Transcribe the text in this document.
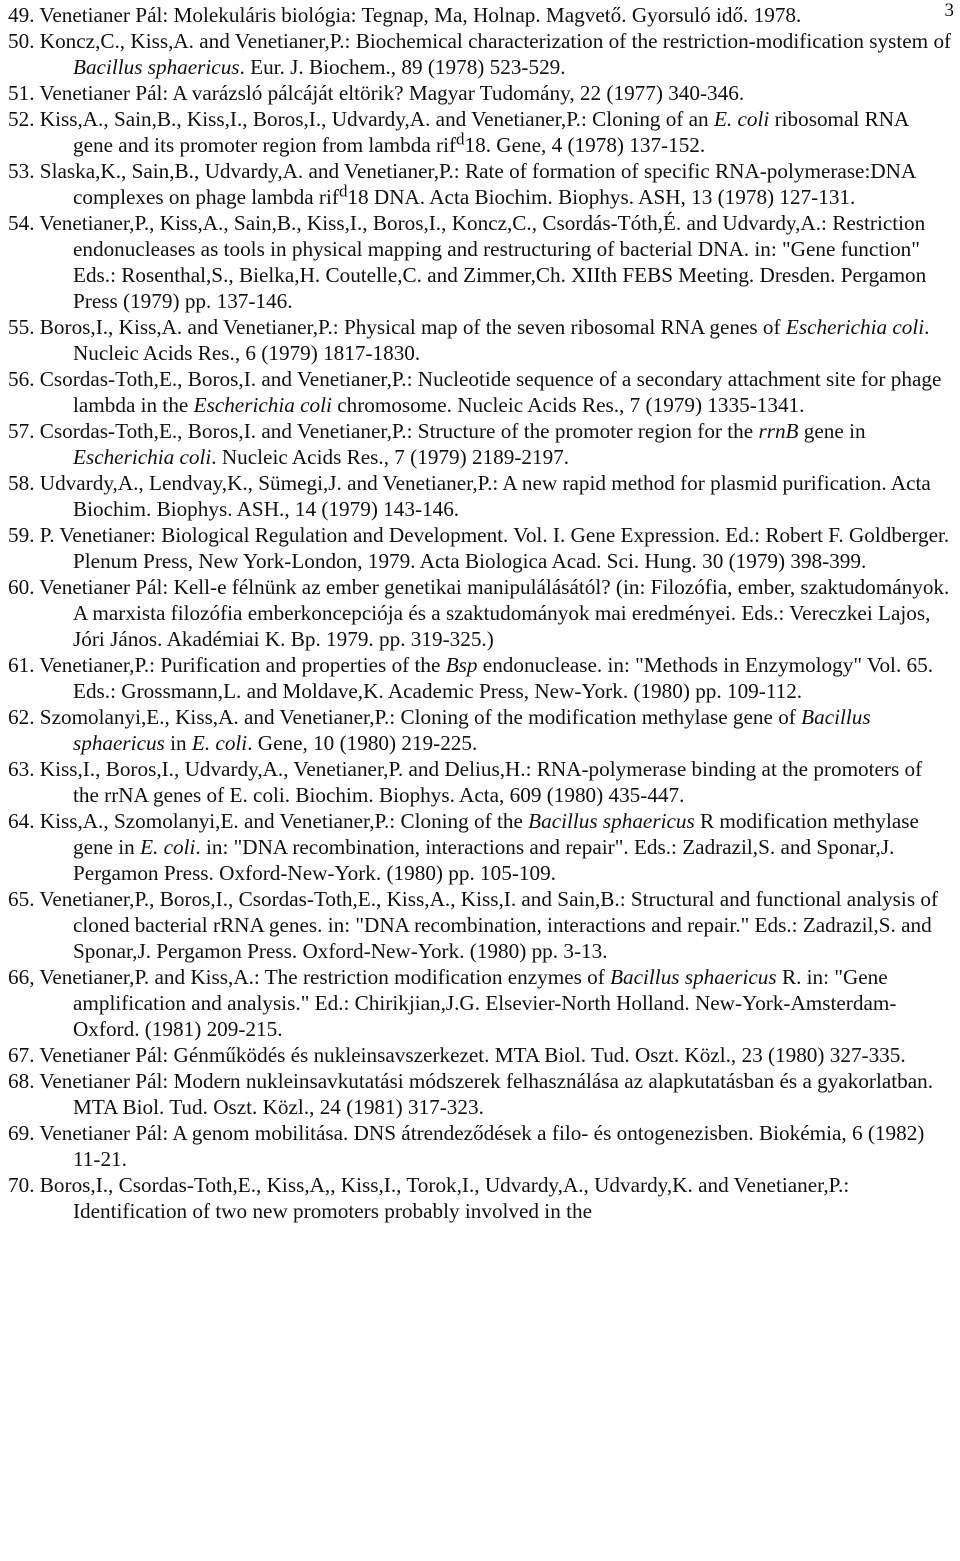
3

49. Venetianer Pál: Molekuláris biológia: Tegnap, Ma, Holnap. Magvető. Gyorsuló idő. 1978.

50. Koncz,C., Kiss,A. and Venetianer,P.: Biochemical characterization of the restriction-modification system of Bacillus sphaericus. Eur. J. Biochem., 89 (1978) 523-529.

51. Venetianer Pál: A varázsló pálcáját eltörik? Magyar Tudomány, 22 (1977) 340-346.

52. Kiss,A., Sain,B., Kiss,I., Boros,I., Udvardy,A. and Venetianer,P.: Cloning of an E. coli ribosomal RNA gene and its promoter region from lambda rif$^d$18. Gene, 4 (1978) 137-152.

53. Slaska,K., Sain,B., Udvardy,A. and Venetianer,P.: Rate of formation of specific RNA-polymerase:DNA complexes on phage lambda rif$^d$18 DNA. Acta Biochim. Biophys. ASH, 13 (1978) 127-131.

54. Venetianer,P., Kiss,A., Sain,B., Kiss,I., Boros,I., Koncz,C., Csordás-Tóth,É. and Udvardy,A.: Restriction endonucleases as tools in physical mapping and restructuring of bacterial DNA. in: "Gene function" Eds.: Rosenthal,S., Bielka,H. Coutelle,C. and Zimmer,Ch. XIIth FEBS Meeting. Dresden. Pergamon Press (1979) pp. 137-146.

55. Boros,I., Kiss,A. and Venetianer,P.: Physical map of the seven ribosomal RNA genes of Escherichia coli. Nucleic Acids Res., 6 (1979) 1817-1830.

56. Csordas-Toth,E., Boros,I. and Venetianer,P.: Nucleotide sequence of a secondary attachment site for phage lambda in the Escherichia coli chromosome. Nucleic Acids Res., 7 (1979) 1335-1341.

57. Csordas-Toth,E., Boros,I. and Venetianer,P.: Structure of the promoter region for the rrnB gene in Escherichia coli. Nucleic Acids Res., 7 (1979) 2189-2197.

58. Udvardy,A., Lendvay,K., Sümegi,J. and Venetianer,P.: A new rapid method for plasmid purification. Acta Biochim. Biophys. ASH., 14 (1979) 143-146.

59. P. Venetianer: Biological Regulation and Development. Vol. I. Gene Expression. Ed.: Robert F. Goldberger. Plenum Press, New York-London, 1979. Acta Biologica Acad. Sci. Hung. 30 (1979) 398-399.

60. Venetianer Pál: Kell-e félnünk az ember genetikai manipulálásától? (in: Filozófia, ember, szaktudományok. A marxista filozófia emberkoncepciója és a szaktudományok mai eredményei. Eds.: Vereczkei Lajos, Jóri János. Akadémiai K. Bp. 1979. pp. 319-325.)

61. Venetianer,P.: Purification and properties of the Bsp endonuclease. in: "Methods in Enzymology" Vol. 65. Eds.: Grossmann,L. and Moldave,K. Academic Press, New-York. (1980) pp. 109-112.

62. Szomolanyi,E., Kiss,A. and Venetianer,P.: Cloning of the modification methylase gene of Bacillus sphaericus in E. coli. Gene, 10 (1980) 219-225.

63. Kiss,I., Boros,I., Udvardy,A., Venetianer,P. and Delius,H.: RNA-polymerase binding at the promoters of the rrNA genes of E. coli. Biochim. Biophys. Acta, 609 (1980) 435-447.

64. Kiss,A., Szomolanyi,E. and Venetianer,P.: Cloning of the Bacillus sphaericus R modification methylase gene in E. coli. in: "DNA recombination, interactions and repair". Eds.: Zadrazil,S. and Sponar,J. Pergamon Press. Oxford-New-York. (1980) pp. 105-109.

65. Venetianer,P., Boros,I., Csordas-Toth,E., Kiss,A., Kiss,I. and Sain,B.: Structural and functional analysis of cloned bacterial rRNA genes. in: "DNA recombination, interactions and repair." Eds.: Zadrazil,S. and Sponar,J. Pergamon Press. Oxford-New-York. (1980) pp. 3-13.

66, Venetianer,P. and Kiss,A.: The restriction modification enzymes of Bacillus sphaericus R. in: "Gene amplification and analysis." Ed.: Chirikjian,J.G. Elsevier-North Holland. New-York-Amsterdam-Oxford. (1981) 209-215.

67. Venetianer Pál: Génműködés és nukleinsavszerkezet. MTA Biol. Tud. Oszt. Közl., 23 (1980) 327-335.

68. Venetianer Pál: Modern nukleinsavkutatási módszerek felhasználása az alapkutatásban és a gyakorlatban. MTA Biol. Tud. Oszt. Közl., 24 (1981) 317-323.

69. Venetianer Pál: A genom mobilitása. DNS átrendeződések a filo- és ontogenezisben. Biokémia, 6 (1982) 11-21.

70. Boros,I., Csordas-Toth,E., Kiss,A,, Kiss,I., Torok,I., Udvardy,A., Udvardy,K. and Venetianer,P.: Identification of two new promoters probably involved in the
